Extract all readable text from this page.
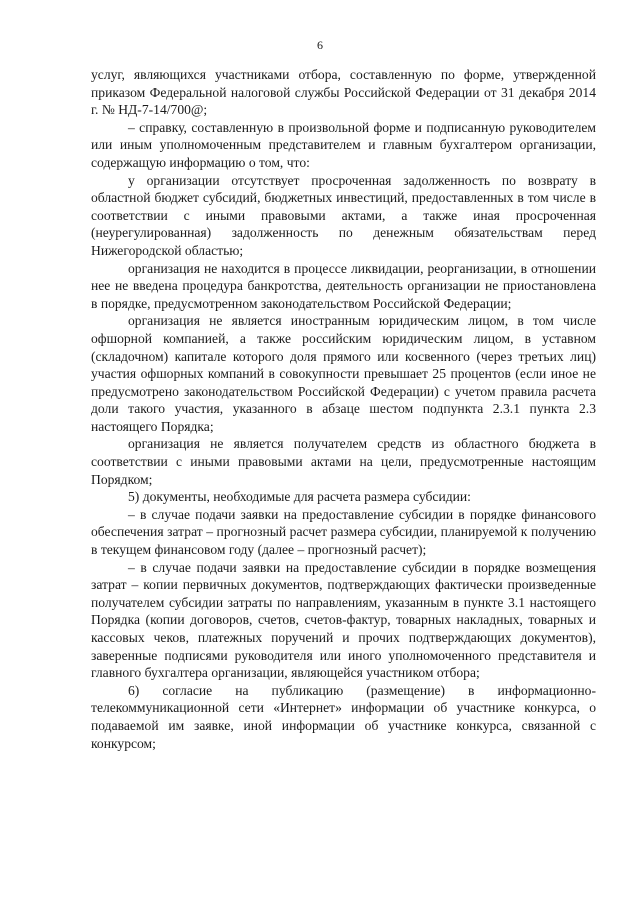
6

услуг, являющихся участниками отбора, составленную по форме, утвержденной приказом Федеральной налоговой службы Российской Федерации от 31 декабря 2014 г. № НД-7-14/700@;

– справку, составленную в произвольной форме и подписанную руководителем или иным уполномоченным представителем и главным бухгалтером организации, содержащую информацию о том, что:

у организации отсутствует просроченная задолженность по возврату в областной бюджет субсидий, бюджетных инвестиций, предоставленных в том числе в соответствии с иными правовыми актами, а также иная просроченная (неурегулированная) задолженность по денежным обязательствам перед Нижегородской областью;

организация не находится в процессе ликвидации, реорганизации, в отношении нее не введена процедура банкротства, деятельность организации не приостановлена в порядке, предусмотренном законодательством Российской Федерации;

организация не является иностранным юридическим лицом, в том числе офшорной компанией, а также российским юридическим лицом, в уставном (складочном) капитале которого доля прямого или косвенного (через третьих лиц) участия офшорных компаний в совокупности превышает 25 процентов (если иное не предусмотрено законодательством Российской Федерации) с учетом правила расчета доли такого участия, указанного в абзаце шестом подпункта 2.3.1 пункта 2.3 настоящего Порядка;

организация не является получателем средств из областного бюджета в соответствии с иными правовыми актами на цели, предусмотренные настоящим Порядком;

5) документы, необходимые для расчета размера субсидии:

– в случае подачи заявки на предоставление субсидии в порядке финансового обеспечения затрат – прогнозный расчет размера субсидии, планируемой к получению в текущем финансовом году (далее – прогнозный расчет);

– в случае подачи заявки на предоставление субсидии в порядке возмещения затрат – копии первичных документов, подтверждающих фактически произведенные получателем субсидии затраты по направлениям, указанным в пункте 3.1 настоящего Порядка (копии договоров, счетов, счетов-фактур, товарных накладных, товарных и кассовых чеков, платежных поручений и прочих подтверждающих документов), заверенные подписями руководителя или иного уполномоченного представителя и главного бухгалтера организации, являющейся участником отбора;

6) согласие на публикацию (размещение) в информационно-телекоммуникационной сети «Интернет» информации об участнике конкурса, о подаваемой им заявке, иной информации об участнике конкурса, связанной с конкурсом;
